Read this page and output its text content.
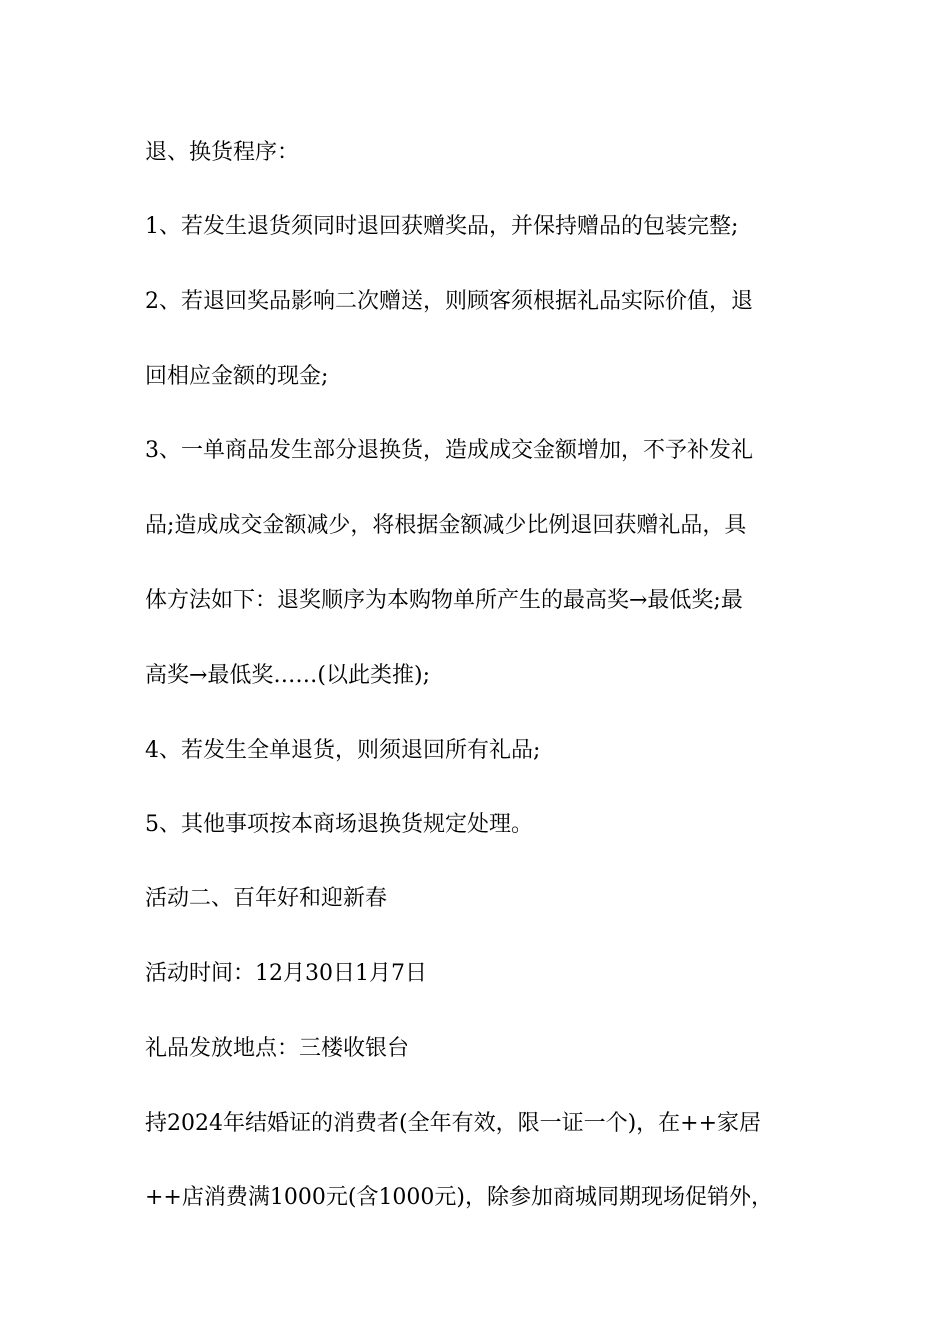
退、换货程序：
1、若发生退货须同时退回获赠奖品，并保持赠品的包装完整;
2、若退回奖品影响二次赠送，则顾客须根据礼品实际价值，退
回相应金额的现金;
3、一单商品发生部分退换货，造成成交金额增加，不予补发礼
品;造成成交金额减少，将根据金额减少比例退回获赠礼品，具
体方法如下：退奖顺序为本购物单所产生的最高奖→最低奖;最
高奖→最低奖……(以此类推);
4、若发生全单退货，则须退回所有礼品;
5、其他事项按本商场退换货规定处理。
活动二、百年好和迎新春
活动时间：12月30日1月7日
礼品发放地点：三楼收银台
持2024年结婚证的消费者(全年有效，限一证一个)，在++家居
++店消费满1000元(含1000元)，除参加商城同期现场促销外，
